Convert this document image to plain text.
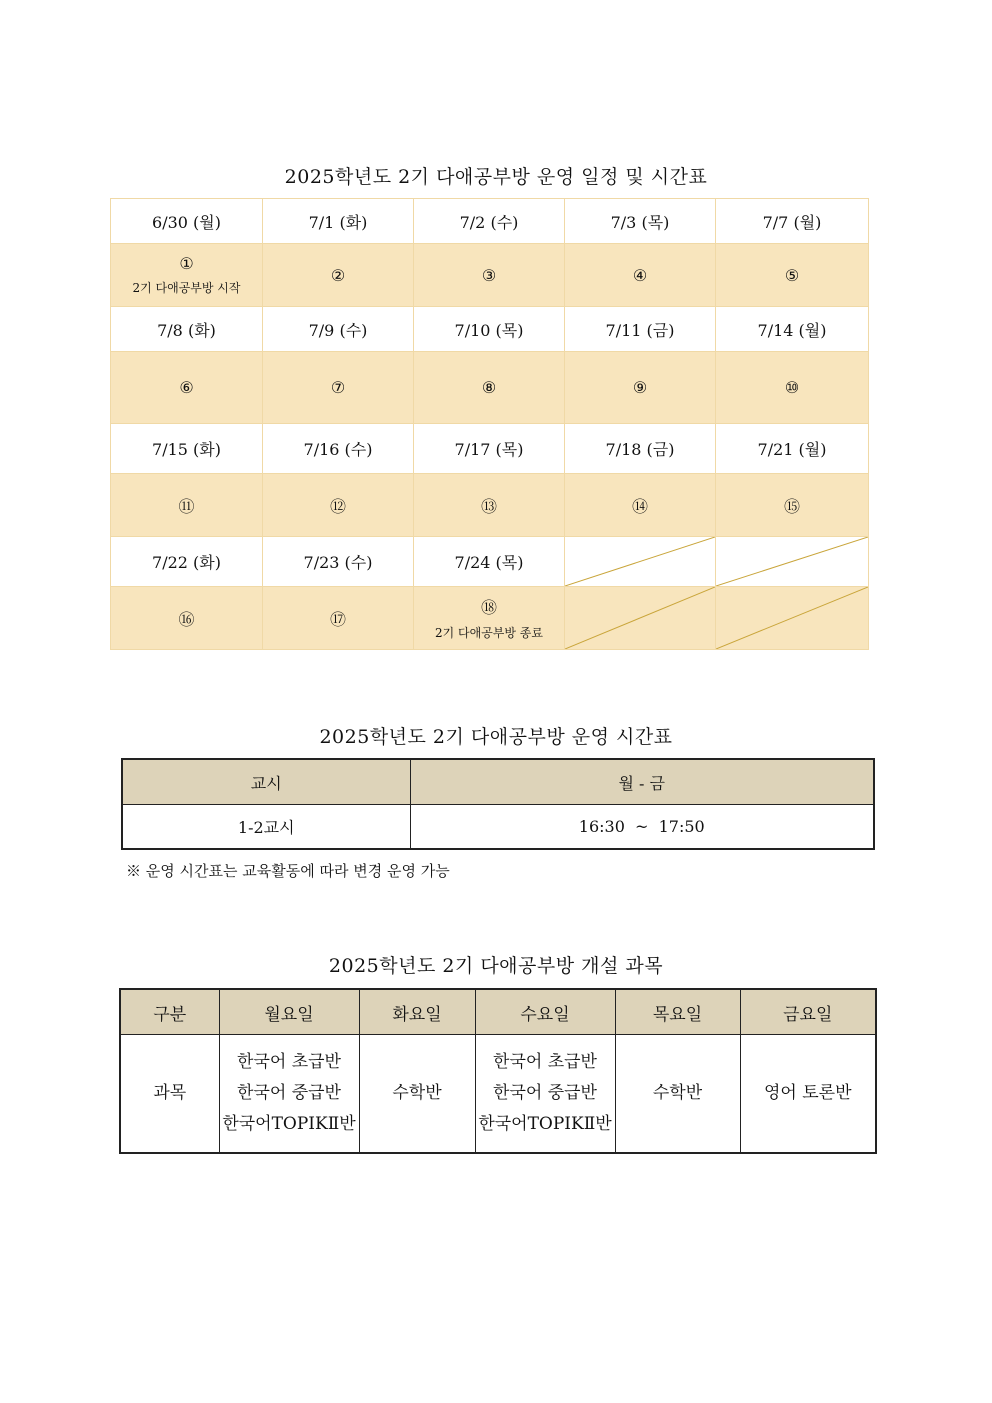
2025학년도 2기 다애공부방 운영 일정 및 시간표
6/30 (월)	7/1 (화)	7/2 (수)	7/3 (목)	7/7 (월)

①
2기 다애공부방 시작	②	③	④	⑤

7/8 (화)	7/9 (수)	7/10 (목)	7/11 (금)	7/14 (월)

⑥	⑦	⑧	⑨	⑩

7/15 (화)	7/16 (수)	7/17 (목)	7/18 (금)	7/21 (월)

⑪	⑫	⑬	⑭	⑮

7/22 (화)	7/23 (수)	7/24 (목)	

⑯	⑰	⑱
2기 다애공부방 종료

2025학년도 2기 다애공부방 운영 시간표
교시	월 - 금
1-2교시	16:30  ~  17:50
※ 운영 시간표는 교육활동에 따라 변경 운영 가능
2025학년도 2기 다애공부방 개설 과목
구분	월요일	화요일	수요일	목요일	금요일
과목	한국어 초급반
한국어 중급반
한국어TOPIKⅡ반	수학반	한국어 초급반
한국어 중급반
한국어TOPIKⅡ반	수학반	영어 토론반
